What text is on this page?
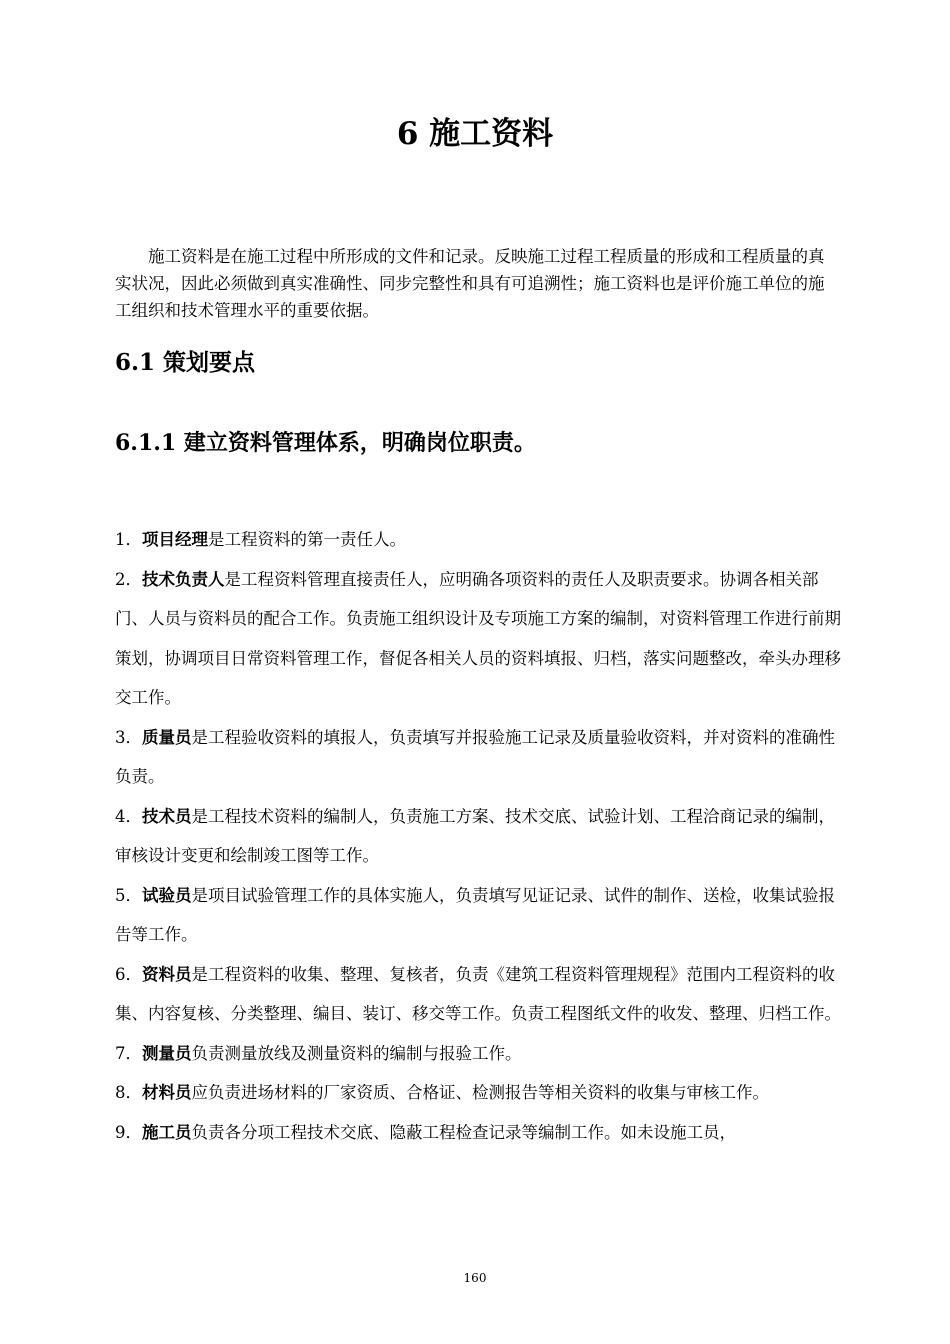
6 施工资料

施工资料是在施工过程中所形成的文件和记录。反映施工过程工程质量的形成和工程质量的真实状况，因此必须做到真实准确性、同步完整性和具有可追溯性；施工资料也是评价施工单位的施工组织和技术管理水平的重要依据。

6.1 策划要点
6.1.1 建立资料管理体系，明确岗位职责。
1．项目经理是工程资料的第一责任人。
2．技术负责人是工程资料管理直接责任人，应明确各项资料的责任人及职责要求。协调各相关部门、人员与资料员的配合工作。负责施工组织设计及专项施工方案的编制，对资料管理工作进行前期策划，协调项目日常资料管理工作，督促各相关人员的资料填报、归档，落实问题整改，牵头办理移交工作。
3．质量员是工程验收资料的填报人，负责填写并报验施工记录及质量验收资料，并对资料的准确性负责。
4．技术员是工程技术资料的编制人，负责施工方案、技术交底、试验计划、工程洽商记录的编制，审核设计变更和绘制竣工图等工作。
5．试验员是项目试验管理工作的具体实施人，负责填写见证记录、试件的制作、送检，收集试验报告等工作。
6．资料员是工程资料的收集、整理、复核者，负责《建筑工程资料管理规程》范围内工程资料的收集、内容复核、分类整理、编目、装订、移交等工作。负责工程图纸文件的收发、整理、归档工作。
7．测量员负责测量放线及测量资料的编制与报验工作。
8．材料员应负责进场材料的厂家资质、合格证、检测报告等相关资料的收集与审核工作。
9．施工员负责各分项工程技术交底、隐蔽工程检查记录等编制工作。如未设施工员，
160
